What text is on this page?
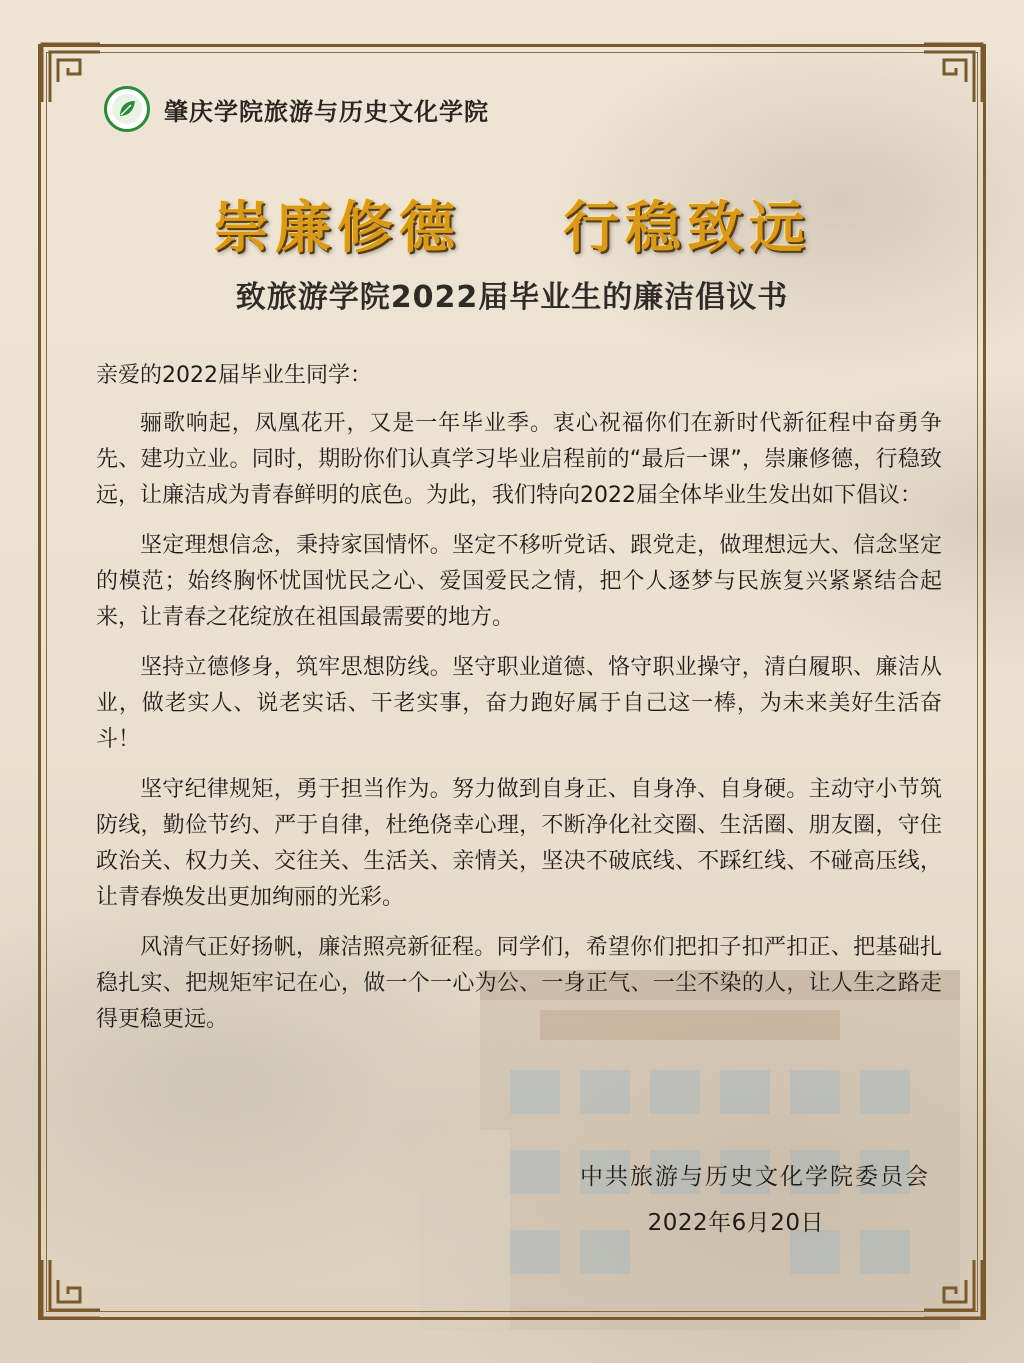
肇庆学院旅游与历史文化学院
崇廉修德    行稳致远
致旅游学院2022届毕业生的廉洁倡议书

亲爱的2022届毕业生同学：

骊歌响起，凤凰花开，又是一年毕业季。衷心祝福你们在新时代新征程中奋勇争先、建功立业。同时，期盼你们认真学习毕业启程前的“最后一课”，崇廉修德，行稳致远，让廉洁成为青春鲜明的底色。为此，我们特向2022届全体毕业生发出如下倡议：

坚定理想信念，秉持家国情怀。坚定不移听党话、跟党走，做理想远大、信念坚定的模范；始终胸怀忧国忧民之心、爱国爱民之情，把个人逐梦与民族复兴紧紧结合起来，让青春之花绽放在祖国最需要的地方。

坚持立德修身，筑牢思想防线。坚守职业道德、恪守职业操守，清白履职、廉洁从业，做老实人、说老实话、干老实事，奋力跑好属于自己这一棒，为未来美好生活奋斗！

坚守纪律规矩，勇于担当作为。努力做到自身正、自身净、自身硬。主动守小节筑防线，勤俭节约、严于自律，杜绝侥幸心理，不断净化社交圈、生活圈、朋友圈，守住政治关、权力关、交往关、生活关、亲情关，坚决不破底线、不踩红线、不碰高压线，让青春焕发出更加绚丽的光彩。

风清气正好扬帆，廉洁照亮新征程。同学们，希望你们把扣子扣严扣正、把基础扎稳扎实、把规矩牢记在心，做一个一心为公、一身正气、一尘不染的人，让人生之路走得更稳更远。

中共旅游与历史文化学院委员会
2022年6月20日
